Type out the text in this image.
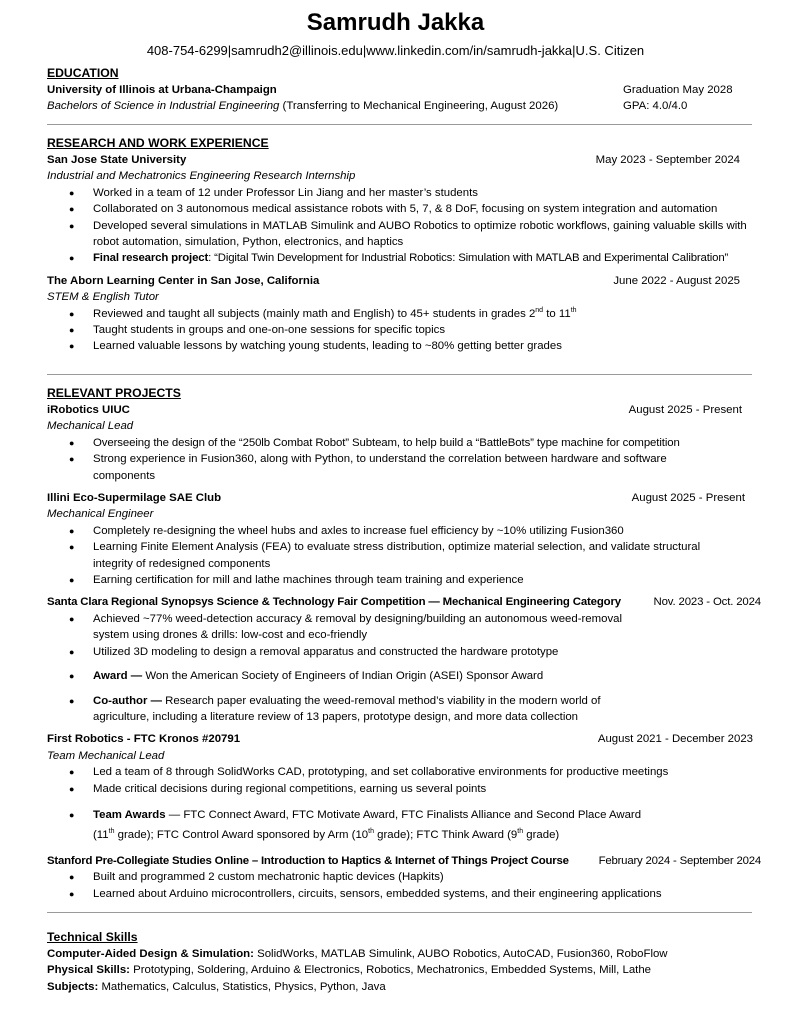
Samrudh Jakka
408-754-6299|samrudh2@illinois.edu|www.linkedin.com/in/samrudh-jakka|U.S. Citizen
EDUCATION
University of Illinois at Urbana-Champaign	Graduation May 2028
Bachelors of Science in Industrial Engineering (Transferring to Mechanical Engineering, August 2026)	GPA: 4.0/4.0
RESEARCH AND WORK EXPERIENCE
San Jose State University	May 2023 - September 2024
Industrial and Mechatronics Engineering Research Internship
● Worked in a team of 12 under Professor Lin Jiang and her master’s students
● Collaborated on 3 autonomous medical assistance robots with 5, 7, & 8 DoF, focusing on system integration and automation
● Developed several simulations in MATLAB Simulink and AUBO Robotics to optimize robotic workflows, gaining valuable skills with robot automation, simulation, Python, electronics, and haptics
● Final research project: “Digital Twin Development for Industrial Robotics: Simulation with MATLAB and Experimental Calibration”
The Aborn Learning Center in San Jose, California	June 2022 - August 2025
STEM & English Tutor
● Reviewed and taught all subjects (mainly math and English) to 45+ students in grades 2nd to 11th
● Taught students in groups and one-on-one sessions for specific topics
● Learned valuable lessons by watching young students, leading to ~80% getting better grades
RELEVANT PROJECTS
iRobotics UIUC	August 2025 - Present
Mechanical Lead
● Overseeing the design of the “250lb Combat Robot” Subteam, to help build a “BattleBots” type machine for competition
● Strong experience in Fusion360, along with Python, to understand the correlation between hardware and software components
Illini Eco-Supermilage SAE Club	August 2025 - Present
Mechanical Engineer
● Completely re-designing the wheel hubs and axles to increase fuel efficiency by ~10% utilizing Fusion360
● Learning Finite Element Analysis (FEA) to evaluate stress distribution, optimize material selection, and validate structural integrity of redesigned components
● Earning certification for mill and lathe machines through team training and experience
Santa Clara Regional Synopsys Science & Technology Fair Competition — Mechanical Engineering Category	Nov. 2023 - Oct. 2024
● Achieved ~77% weed-detection accuracy & removal by designing/building an autonomous weed-removal system using drones & drills: low-cost and eco-friendly
● Utilized 3D modeling to design a removal apparatus and constructed the hardware prototype
● Award — Won the American Society of Engineers of Indian Origin (ASEI) Sponsor Award
● Co-author — Research paper evaluating the weed-removal method’s viability in the modern world of agriculture, including a literature review of 13 papers, prototype design, and more data collection
First Robotics - FTC Kronos #20791	August 2021 - December 2023
Team Mechanical Lead
● Led a team of 8 through SolidWorks CAD, prototyping, and set collaborative environments for productive meetings
● Made critical decisions during regional competitions, earning us several points
● Team Awards — FTC Connect Award, FTC Motivate Award, FTC Finalists Alliance and Second Place Award
(11th grade); FTC Control Award sponsored by Arm (10th grade); FTC Think Award (9th grade)
Stanford Pre-Collegiate Studies Online – Introduction to Haptics & Internet of Things Project Course	February 2024 - September 2024
● Built and programmed 2 custom mechatronic haptic devices (Hapkits)
● Learned about Arduino microcontrollers, circuits, sensors, embedded systems, and their engineering applications
Technical Skills
Computer-Aided Design & Simulation: SolidWorks, MATLAB Simulink, AUBO Robotics, AutoCAD, Fusion360, RoboFlow
Physical Skills: Prototyping, Soldering, Arduino & Electronics, Robotics, Mechatronics, Embedded Systems, Mill, Lathe
Subjects: Mathematics, Calculus, Statistics, Physics, Python, Java
